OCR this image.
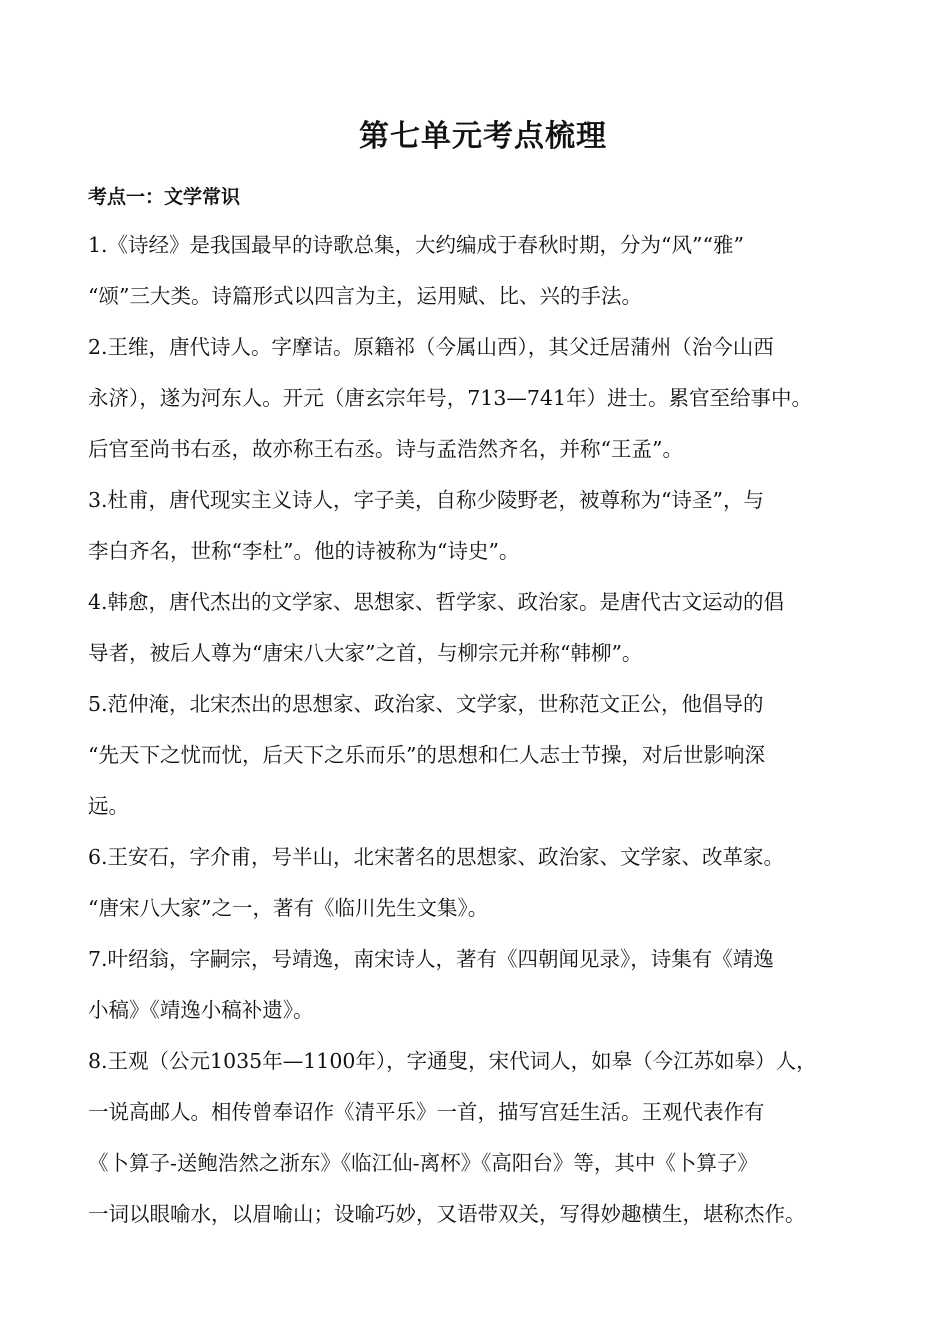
第七单元考点梳理
考点一：文学常识
1.《诗经》是我国最早的诗歌总集，大约编成于春秋时期，分为“风”“雅”
“颂”三大类。诗篇形式以四言为主，运用赋、比、兴的手法。
2.王维，唐代诗人。字摩诘。原籍祁（今属山西），其父迁居蒲州（治今山西
永济），遂为河东人。开元（唐玄宗年号，713—741年）进士。累官至给事中。
后官至尚书右丞，故亦称王右丞。诗与孟浩然齐名，并称“王孟”。
3.杜甫，唐代现实主义诗人，字子美，自称少陵野老，被尊称为“诗圣”，与
李白齐名，世称“李杜”。他的诗被称为“诗史”。
4.韩愈，唐代杰出的文学家、思想家、哲学家、政治家。是唐代古文运动的倡
导者，被后人尊为“唐宋八大家”之首，与柳宗元并称“韩柳”。
5.范仲淹，北宋杰出的思想家、政治家、文学家，世称范文正公，他倡导的
“先天下之忧而忧，后天下之乐而乐”的思想和仁人志士节操，对后世影响深
远。
6.王安石，字介甫，号半山，北宋著名的思想家、政治家、文学家、改革家。
“唐宋八大家”之一，著有《临川先生文集》。
7.叶绍翁，字嗣宗，号靖逸，南宋诗人，著有《四朝闻见录》，诗集有《靖逸
小稿》《靖逸小稿补遗》。
8.王观（公元1035年—1100年），字通叟，宋代词人，如皋（今江苏如皋）人，
一说高邮人。相传曾奉诏作《清平乐》一首，描写宫廷生活。王观代表作有
《卜算子-送鲍浩然之浙东》《临江仙-离杯》《高阳台》等，其中《卜算子》
一词以眼喻水，以眉喻山；设喻巧妙，又语带双关，写得妙趣横生，堪称杰作。
